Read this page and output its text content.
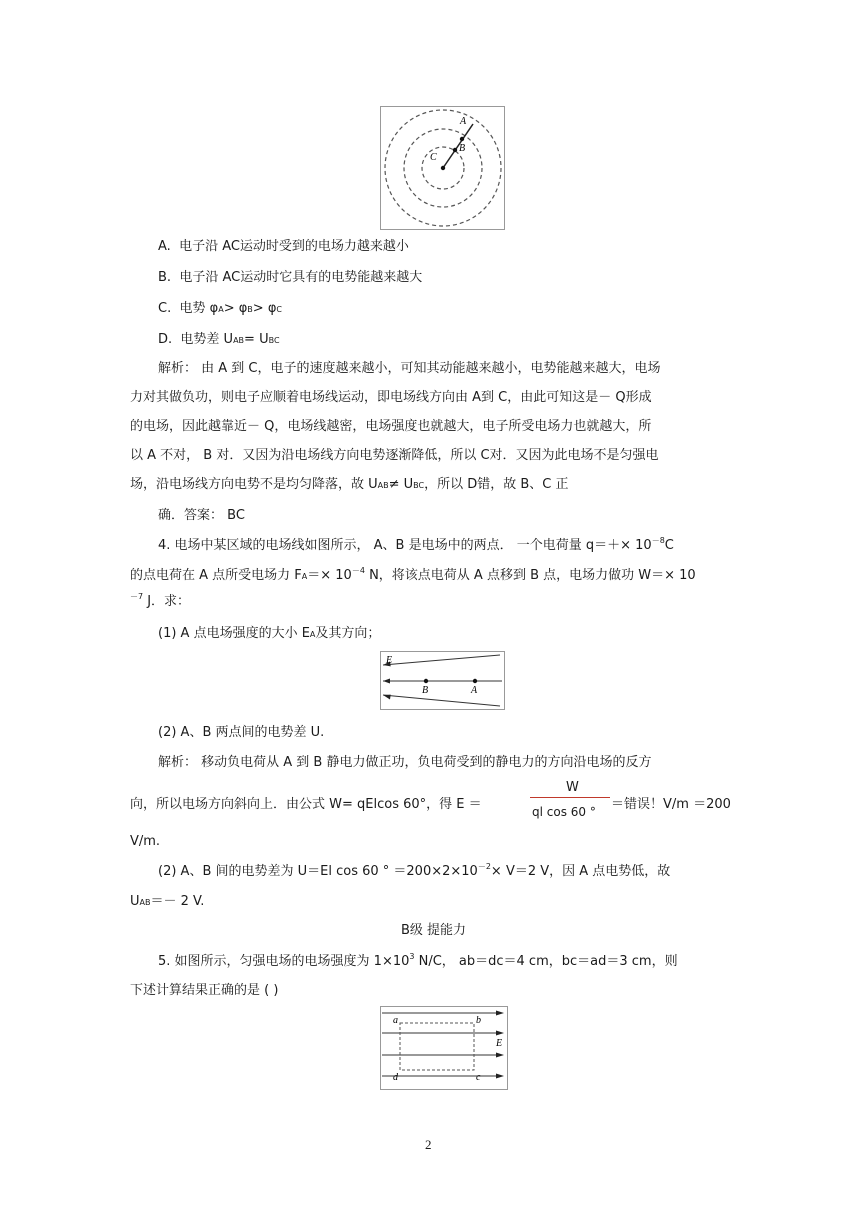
C
B
A
A. 电子沿 AC运动时受到的电场力越来越小
B. 电子沿 AC运动时它具有的电势能越来越大
C. 电势 φA> φB> φC
D. 电势差 UAB= UBC
解析： 由 A 到 C，电子的速度越来越小，可知其动能越来越小，电势能越来越大，电场
力对其做负功，则电子应顺着电场线运动，即电场线方向由 A到 C，由此可知这是－ Q形成
的电场，因此越靠近－ Q，电场线越密，电场强度也就越大，电子所受电场力也就越大，所
以 A 不对， B 对．又因为沿电场线方向电势逐渐降低，所以 C对．又因为此电场不是匀强电
场，沿电场线方向电势不是均匀降落，故 UAB≠ UBC，所以 D错，故 B、C 正
确．答案： BC
4. 电场中某区域的电场线如图所示， A、B 是电场中的两点． 一个电荷量 $q=+\times 10^{-8}C$
的点电荷在 A 点所受电场力 $FA=\times 10^{-4}$ N，将该点电荷从 A 点移到 B 点，电场力做功 W＝× 10
$^{-7}$ J．求：
(1) A 点电场强度的大小 EA及其方向；
E
B	A
(2) A、B 两点间的电势差 U.
解析： 移动负电荷从 A 到 B 静电力做正功，负电荷受到的静电力的方向沿电场的反方
向，所以电场方向斜向上．由公式 W= qElcos 60°，得 E ＝
W
ql cos 60 ° ＝错误！V/m ＝200
V/m.
(2) A、B 间的电势差为 U＝El cos 60 ° $=200\times 2\times 10^{-2}\times V=2$ V，因 A 点电势低，故
UAB＝－ 2 V.
B级 提能力
5. 如图所示，匀强电场的电场强度为 $1\times 10^3$ N/C， ab＝dc＝4 cm，bc＝ad＝3 cm，则
下述计算结果正确的是 ( )
a	b
c
d
E
2
